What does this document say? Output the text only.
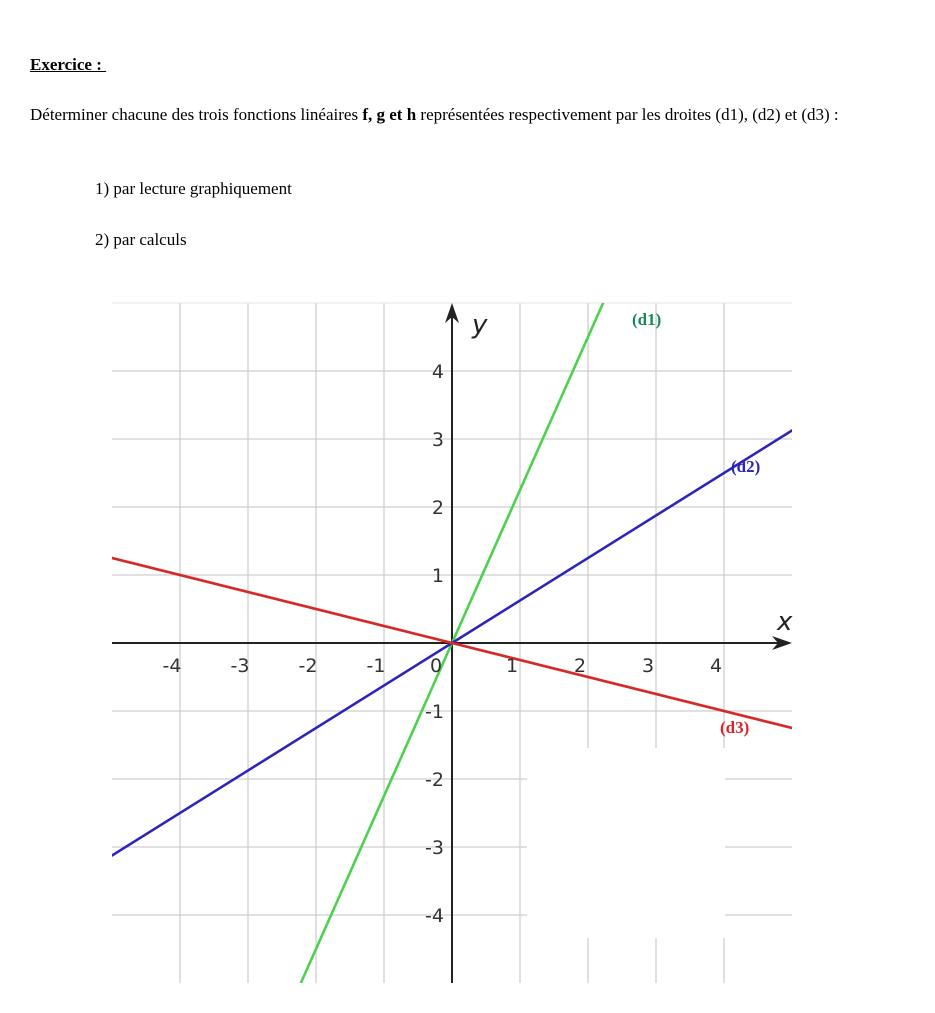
Exercice :
Déterminer chacune des trois fonctions linéaires f, g et h représentées respectivement par les droites (d1), (d2) et (d3) :
1) par lecture graphiquement
2) par calculs
-4	-3	-2	-1 0	1	2	3	4
4
3
2
1
-1
-2
-3
-4
x
y	(d1)
(d2)
(d3)
